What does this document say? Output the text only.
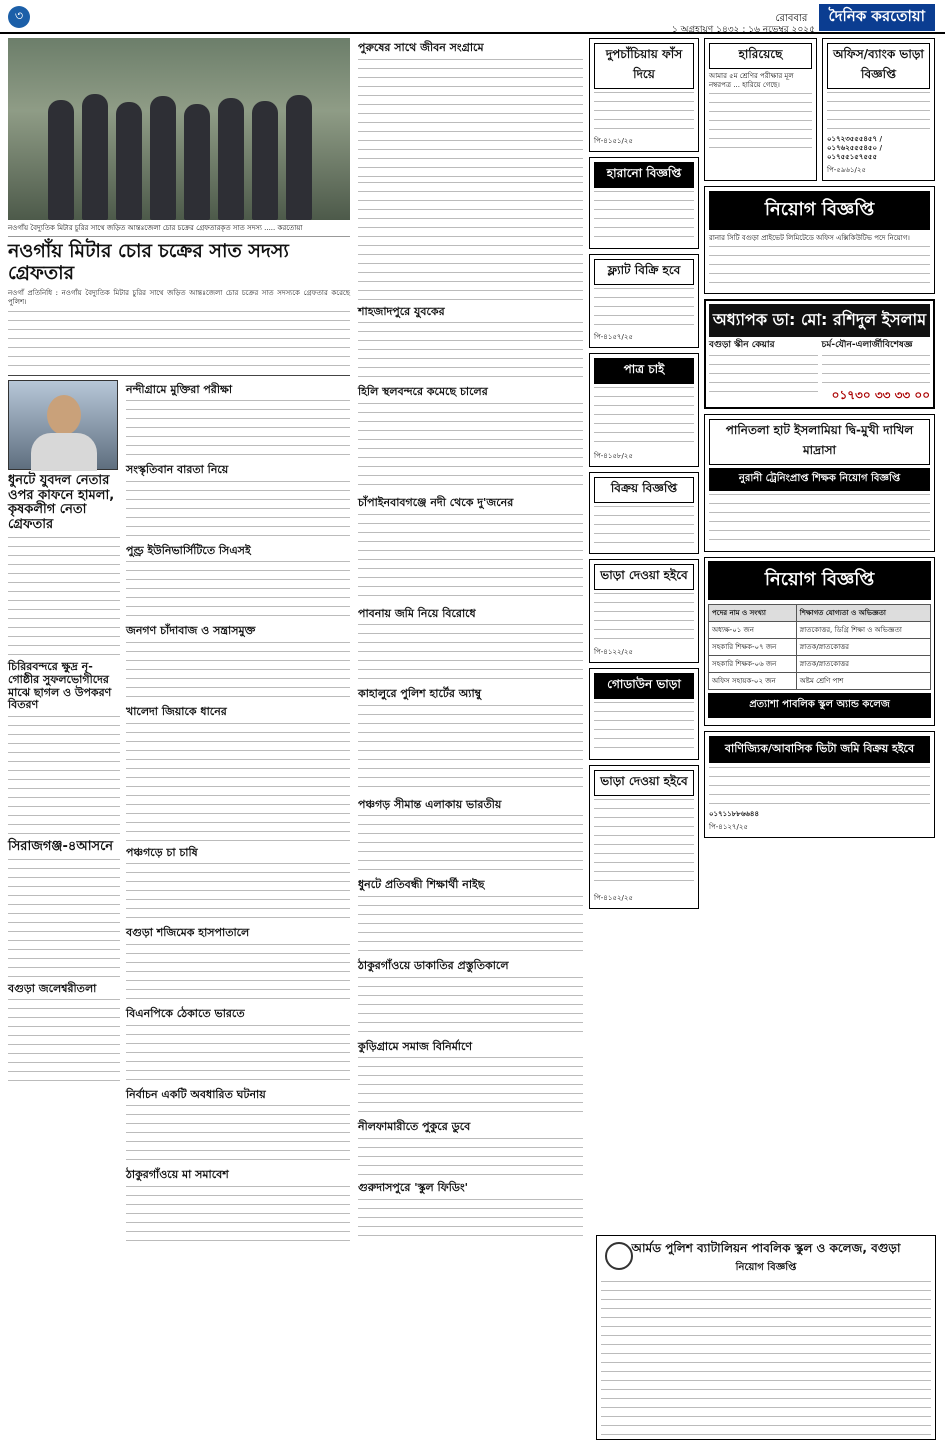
৩	রোববার দৈনিক করতোয়া
১ অগ্রহায়ণ ১৪৩২ : ১৬ নভেম্বর ২০২৫
নওগাঁয় বৈদ্যুতিক মিটার চুরির সাথে জড়িত আন্তঃজেলা চোর চক্রের গ্রেফতারকৃত সাত সদস্য ..... করতোয়া
নওগাঁয় মিটার চোর চক্রের সাত সদস্য গ্রেফতার
নওগাঁ প্রতিনিধি : নওগাঁয় বৈদ্যুতিক মিটার চুরির সাথে জড়িত আন্তঃজেলা চোর চক্রের সাত সদস্যকে গ্রেফতার করেছে পুলিশ।
ধুনটে যুবদল নেতার ওপর কাফনে হামলা, কৃষকলীগ নেতা গ্রেফতার
চিরিরবন্দরে ক্ষুদ্র নৃ-গোষ্ঠীর সুফলভোগীদের মাঝে ছাগল ও উপকরণ বিতরণ
সিরাজগঞ্জ-৪আসনে
বগুড়া জলেশ্বরীতলা
নন্দীগ্রামে মুক্তিরা পরীক্ষা
সংস্কৃতিবান বারতা নিয়ে
পুণ্ড্র ইউনিভার্সিটিতে সিএসই
জনগণ চাঁদাবাজ ও সন্ত্রাসমুক্ত
খালেদা জিয়াকে ধানের
পঞ্চগড়ে চা চাষি
বগুড়া শজিমেক হাসপাতালে
বিএনপিকে ঠেকাতে ভারতে
নির্বাচন একটি অবধারিত ঘটনায়
ঠাকুরগাঁওয়ে মা সমাবেশ
পুরুষের সাথে জীবন সংগ্রামে
শাহজাদপুরে যুবকের
হিলি স্থলবন্দরে কমেছে চালের
চাঁপাইনবাবগঞ্জে নদী থেকে দু'জনের
পাবনায় জমি নিয়ে বিরোধে
কাহালুরে পুলিশ হার্টের অ্যাম্বু
পঞ্চগড় সীমান্ত এলাকায় ভারতীয়
ধুনটে প্রতিবন্ধী শিক্ষার্থী নাইছ
ঠাকুরগাঁওয়ে ডাকাতির প্রস্তুতিকালে
কুড়িগ্রামে সমাজ বিনির্মাণে
নীলফামারীতে পুকুরে ডুবে
গুরুদাসপুরে 'স্কুল ফিডিং'
দুপচাঁচিয়ায় ফাঁস দিয়ে
পি-৪১৫১/২৫
হারানো বিজ্ঞপ্তি
ফ্ল্যাট বিক্রি হবে
পি-৪১৫৭/২৫
পাত্র চাই
পি-৪১৫৮/২৫
বিক্রয় বিজ্ঞপ্তি
ভাড়া দেওয়া হইবে
পি-৪১২২/২৫
গোডাউন ভাড়া
ভাড়া দেওয়া হইবে
পি-৪১৫২/২৫
হারিয়েছে
আমার ৫ম শ্রেণির পরীক্ষার মূল নম্বরপত্র ... হারিয়ে গেছে।
অফিস/ব্যাংক ভাড়া বিজ্ঞপ্তি
০১৭২৩৫৫৫৪৫৭ / ০১৭৬২৫৫৫৪৫০ / ০১৭৫৫১৫৭৫৫৫
পি-৫৯৬১/২৫
নিয়োগ বিজ্ঞপ্তি
রানার সিটি বগুড়া প্রাইভেট লিমিটেডে অফিস এক্সিকিউটিভ পদে নিয়োগ।
অধ্যাপক ডা: মো: রশিদুল ইসলাম
বগুড়া স্কীন কেয়ার	চর্ম-যৌন-এলার্জীবিশেষজ্ঞ
০১৭৩০ ৩৩ ৩৩ ০০
পানিতলা হাট ইসলামিয়া দ্বি-মুখী দাখিল মাদ্রাসা
নুরানী ট্রেনিংপ্রাপ্ত শিক্ষক নিয়োগ বিজ্ঞপ্তি
নিয়োগ বিজ্ঞপ্তি
পদের নাম ও সংখ্যা	শিক্ষাগত যোগ্যতা ও অভিজ্ঞতা
অধ্যক্ষ-০১ জন	স্নাতকোত্তর, ডিগ্রি শিক্ষা ও অভিজ্ঞতা
সহকারি শিক্ষক-০৭ জন	স্নাতক/স্নাতকোত্তর
সহকারি শিক্ষক-০৬ জন	স্নাতক/স্নাতকোত্তর
অফিস সহায়ক-০২ জন	অষ্টম শ্রেণি পাশ
প্রত্যাশা পাবলিক স্কুল অ্যান্ড কলেজ
বাণিজ্যিক/আবাসিক ভিটা জমি বিক্রয় হইবে
০১৭১১৮৮৬৬৪৪
পি-৪১২৭/২৫
আর্মড পুলিশ ব্যাটালিয়ন পাবলিক স্কুল ও কলেজ, বগুড়া
নিয়োগ বিজ্ঞপ্তি
